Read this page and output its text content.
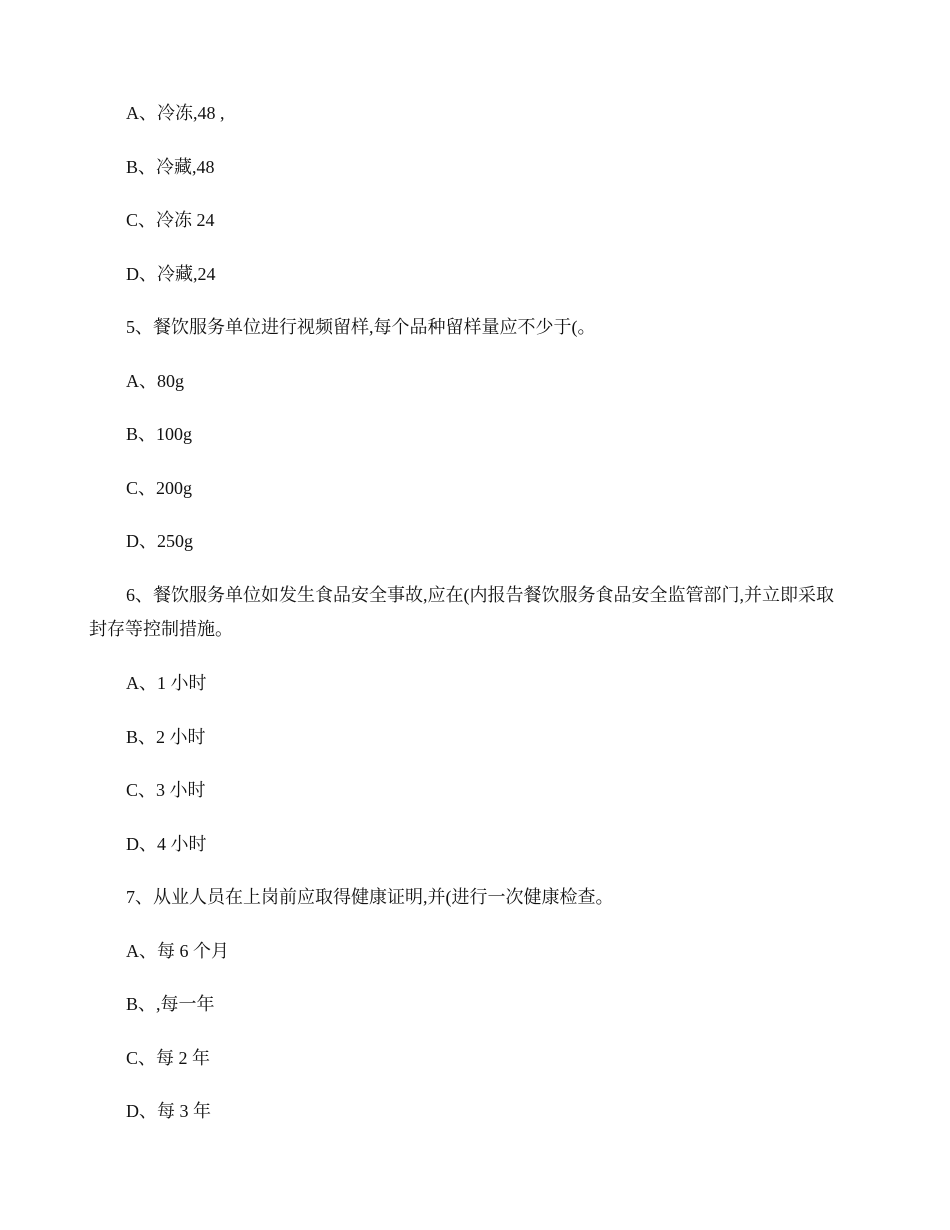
A、冷冻,48 ,
B、冷藏,48
C、冷冻 24
D、冷藏,24
5、餐饮服务单位进行视频留样,每个品种留样量应不少于(。
A、80g
B、100g
C、200g
D、250g
6、餐饮服务单位如发生食品安全事故,应在(内报告餐饮服务食品安全监管部门,并立即采取
封存等控制措施。
A、1 小时
B、2 小时
C、3 小时
D、4 小时
7、从业人员在上岗前应取得健康证明,并(进行一次健康检查。
A、每 6 个月
B、,每一年
C、每 2 年
D、每 3 年
